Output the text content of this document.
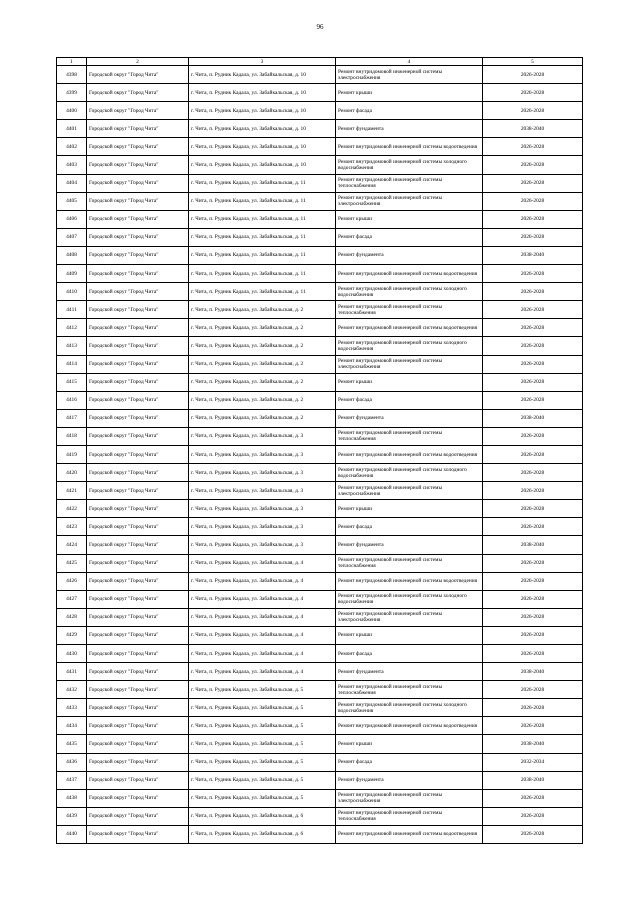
96
1	2	3	4	5
4398	Городской округ "Город Чита"	г. Чита, п. Рудник Кадала, ул. Забайкальская, д. 10	Ремонт внутридомовой инженерной системы электроснабжения	2026-2028
4399	Городской округ "Город Чита"	г. Чита, п. Рудник Кадала, ул. Забайкальская, д. 10	Ремонт крыши	2026-2028
4400	Городской округ "Город Чита"	г. Чита, п. Рудник Кадала, ул. Забайкальская, д. 10	Ремонт фасада	2026-2028
4401	Городской округ "Город Чита"	г. Чита, п. Рудник Кадала, ул. Забайкальская, д. 10	Ремонт фундамента	2038-2040
4402	Городской округ "Город Чита"	г. Чита, п. Рудник Кадала, ул. Забайкальская, д. 10	Ремонт внутридомовой инженерной системы водоотведения	2026-2028
4403	Городской округ "Город Чита"	г. Чита, п. Рудник Кадала, ул. Забайкальская, д. 10	Ремонт внутридомовой инженерной системы холодного водоснабжения	2026-2028
4404	Городской округ "Город Чита"	г. Чита, п. Рудник Кадала, ул. Забайкальская, д. 11	Ремонт внутридомовой инженерной системы теплоснабжения	2026-2028
4405	Городской округ "Город Чита"	г. Чита, п. Рудник Кадала, ул. Забайкальская, д. 11	Ремонт внутридомовой инженерной системы электроснабжения	2026-2028
4406	Городской округ "Город Чита"	г. Чита, п. Рудник Кадала, ул. Забайкальская, д. 11	Ремонт крыши	2026-2028
4407	Городской округ "Город Чита"	г. Чита, п. Рудник Кадала, ул. Забайкальская, д. 11	Ремонт фасада	2026-2028
4408	Городской округ "Город Чита"	г. Чита, п. Рудник Кадала, ул. Забайкальская, д. 11	Ремонт фундамента	2038-2040
4409	Городской округ "Город Чита"	г. Чита, п. Рудник Кадала, ул. Забайкальская, д. 11	Ремонт внутридомовой инженерной системы водоотведения	2026-2028
4410	Городской округ "Город Чита"	г. Чита, п. Рудник Кадала, ул. Забайкальская, д. 11	Ремонт внутридомовой инженерной системы холодного водоснабжения	2026-2028
4411	Городской округ "Город Чита"	г. Чита, п. Рудник Кадала, ул. Забайкальская, д. 2	Ремонт внутридомовой инженерной системы теплоснабжения	2026-2028
4412	Городской округ "Город Чита"	г. Чита, п. Рудник Кадала, ул. Забайкальская, д. 2	Ремонт внутридомовой инженерной системы водоотведения	2026-2028
4413	Городской округ "Город Чита"	г. Чита, п. Рудник Кадала, ул. Забайкальская, д. 2	Ремонт внутридомовой инженерной системы холодного водоснабжения	2026-2028
4414	Городской округ "Город Чита"	г. Чита, п. Рудник Кадала, ул. Забайкальская, д. 2	Ремонт внутридомовой инженерной системы электроснабжения	2026-2028
4415	Городской округ "Город Чита"	г. Чита, п. Рудник Кадала, ул. Забайкальская, д. 2	Ремонт крыши	2026-2028
4416	Городской округ "Город Чита"	г. Чита, п. Рудник Кадала, ул. Забайкальская, д. 2	Ремонт фасада	2026-2028
4417	Городской округ "Город Чита"	г. Чита, п. Рудник Кадала, ул. Забайкальская, д. 2	Ремонт фундамента	2038-2040
4418	Городской округ "Город Чита"	г. Чита, п. Рудник Кадала, ул. Забайкальская, д. 3	Ремонт внутридомовой инженерной системы теплоснабжения	2026-2028
4419	Городской округ "Город Чита"	г. Чита, п. Рудник Кадала, ул. Забайкальская, д. 3	Ремонт внутридомовой инженерной системы водоотведения	2026-2028
4420	Городской округ "Город Чита"	г. Чита, п. Рудник Кадала, ул. Забайкальская, д. 3	Ремонт внутридомовой инженерной системы холодного водоснабжения	2026-2028
4421	Городской округ "Город Чита"	г. Чита, п. Рудник Кадала, ул. Забайкальская, д. 3	Ремонт внутридомовой инженерной системы электроснабжения	2026-2028
4422	Городской округ "Город Чита"	г. Чита, п. Рудник Кадала, ул. Забайкальская, д. 3	Ремонт крыши	2026-2028
4423	Городской округ "Город Чита"	г. Чита, п. Рудник Кадала, ул. Забайкальская, д. 3	Ремонт фасада	2026-2028
4424	Городской округ "Город Чита"	г. Чита, п. Рудник Кадала, ул. Забайкальская, д. 3	Ремонт фундамента	2038-2040
4425	Городской округ "Город Чита"	г. Чита, п. Рудник Кадала, ул. Забайкальская, д. 4	Ремонт внутридомовой инженерной системы теплоснабжения	2026-2028
4426	Городской округ "Город Чита"	г. Чита, п. Рудник Кадала, ул. Забайкальская, д. 4	Ремонт внутридомовой инженерной системы водоотведения	2026-2028
4427	Городской округ "Город Чита"	г. Чита, п. Рудник Кадала, ул. Забайкальская, д. 4	Ремонт внутридомовой инженерной системы холодного водоснабжения	2026-2028
4428	Городской округ "Город Чита"	г. Чита, п. Рудник Кадала, ул. Забайкальская, д. 4	Ремонт внутридомовой инженерной системы электроснабжения	2026-2028
4429	Городской округ "Город Чита"	г. Чита, п. Рудник Кадала, ул. Забайкальская, д. 4	Ремонт крыши	2026-2028
4430	Городской округ "Город Чита"	г. Чита, п. Рудник Кадала, ул. Забайкальская, д. 4	Ремонт фасада	2026-2028
4431	Городской округ "Город Чита"	г. Чита, п. Рудник Кадала, ул. Забайкальская, д. 4	Ремонт фундамента	2038-2040
4432	Городской округ "Город Чита"	г. Чита, п. Рудник Кадала, ул. Забайкальская, д. 5	Ремонт внутридомовой инженерной системы теплоснабжения	2026-2028
4433	Городской округ "Город Чита"	г. Чита, п. Рудник Кадала, ул. Забайкальская, д. 5	Ремонт внутридомовой инженерной системы холодного водоснабжения	2026-2028
4434	Городской округ "Город Чита"	г. Чита, п. Рудник Кадала, ул. Забайкальская, д. 5	Ремонт внутридомовой инженерной системы водоотведения	2026-2028
4435	Городской округ "Город Чита"	г. Чита, п. Рудник Кадала, ул. Забайкальская, д. 5	Ремонт крыши	2038-2040
4436	Городской округ "Город Чита"	г. Чита, п. Рудник Кадала, ул. Забайкальская, д. 5	Ремонт фасада	2032-2034
4437	Городской округ "Город Чита"	г. Чита, п. Рудник Кадала, ул. Забайкальская, д. 5	Ремонт фундамента	2038-2040
4438	Городской округ "Город Чита"	г. Чита, п. Рудник Кадала, ул. Забайкальская, д. 5	Ремонт внутридомовой инженерной системы электроснабжения	2026-2028
4439	Городской округ "Город Чита"	г. Чита, п. Рудник Кадала, ул. Забайкальская, д. 6	Ремонт внутридомовой инженерной системы теплоснабжения	2026-2028
4440	Городской округ "Город Чита"	г. Чита, п. Рудник Кадала, ул. Забайкальская, д. 6	Ремонт внутридомовой инженерной системы водоотведения	2026-2028
